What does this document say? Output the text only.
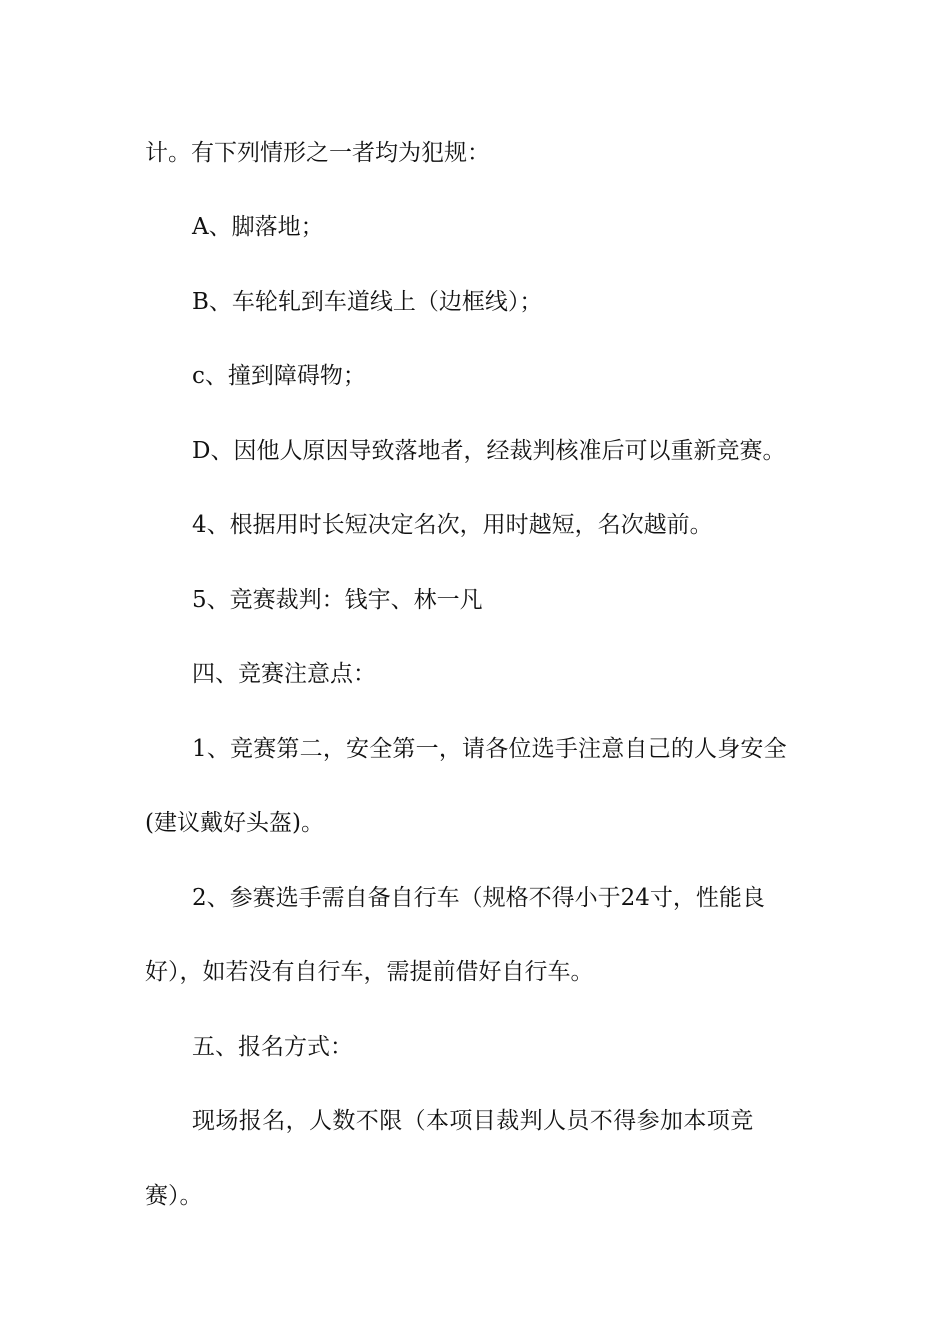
计。有下列情形之一者均为犯规：

A、脚落地；

B、车轮轧到车道线上（边框线）；

c、撞到障碍物；

D、因他人原因导致落地者，经裁判核准后可以重新竞赛。

4、根据用时长短决定名次，用时越短，名次越前。

5、竞赛裁判：钱宇、林一凡

四、竞赛注意点：

1、竞赛第二，安全第一，请各位选手注意自己的人身安全

(建议戴好头盔)。

2、参赛选手需自备自行车（规格不得小于24寸，性能良

好），如若没有自行车，需提前借好自行车。

五、报名方式：

现场报名，人数不限（本项目裁判人员不得参加本项竞

赛）。
